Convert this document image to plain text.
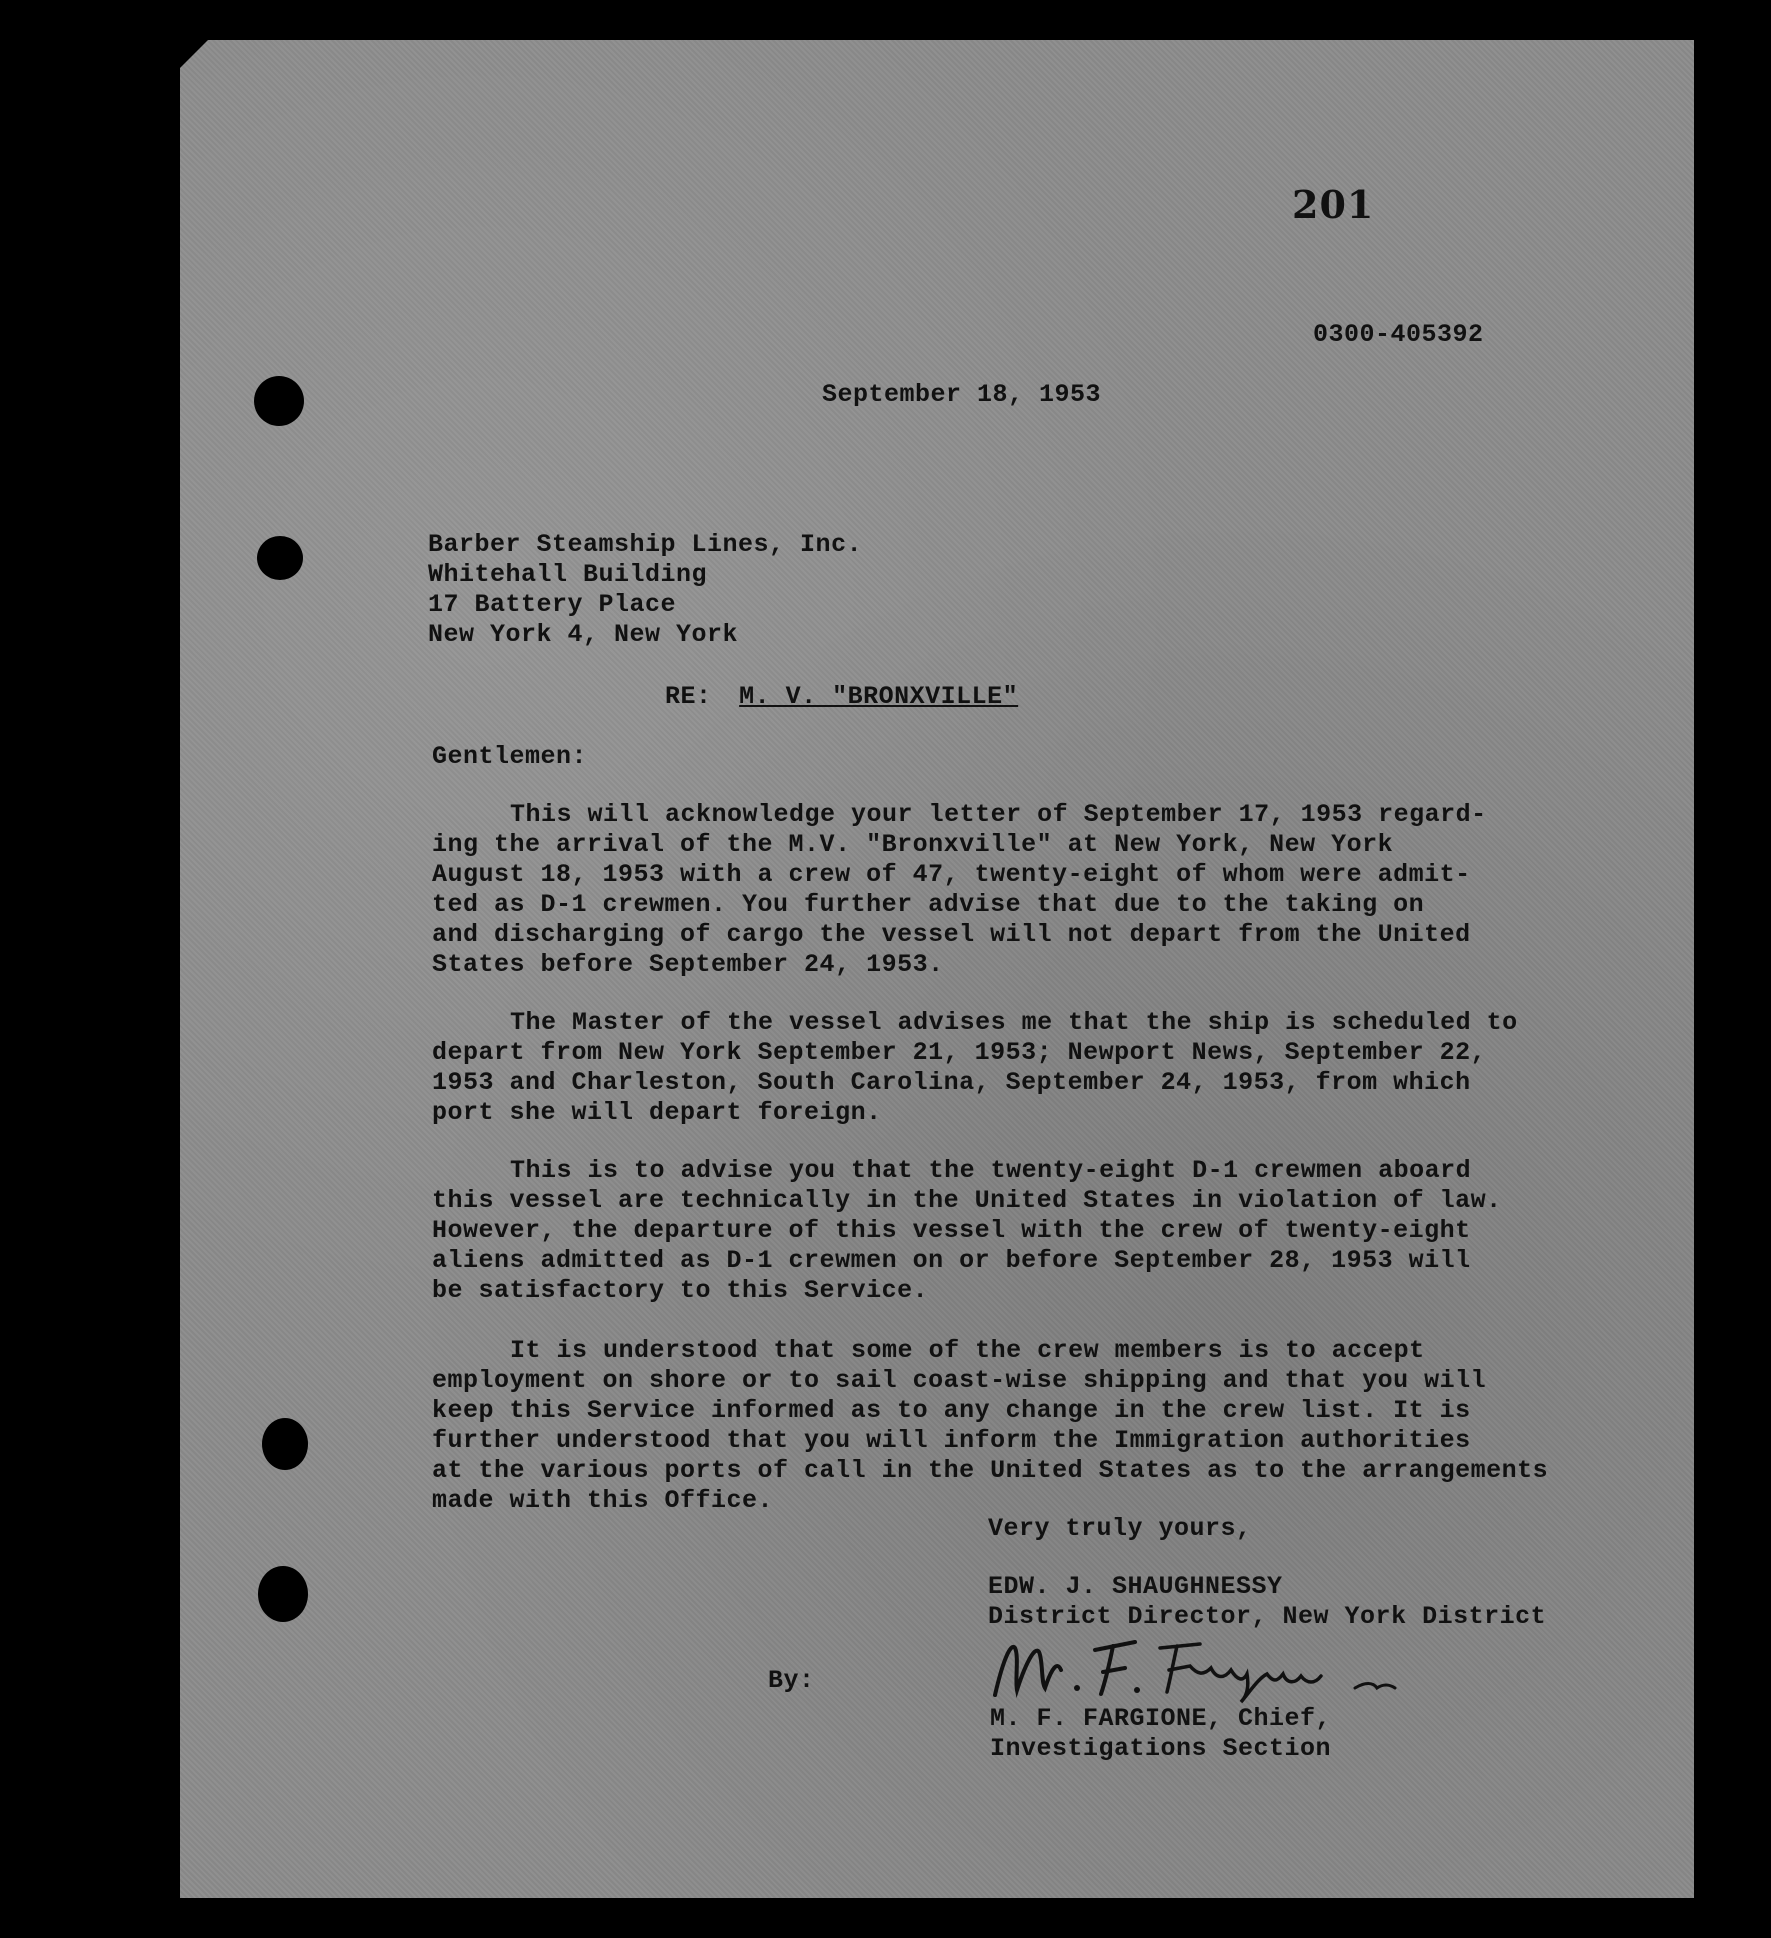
201
0300-405392
September 18, 1953
Barber Steamship Lines, Inc.
Whitehall Building
17 Battery Place
New York 4, New York
RE: M. V. "BRONXVILLE"
Gentlemen:
This will acknowledge your letter of September 17, 1953 regard-
ing the arrival of the M.V. "Bronxville" at New York, New York
August 18, 1953 with a crew of 47, twenty-eight of whom were admit-
ted as D-1 crewmen. You further advise that due to the taking on
and discharging of cargo the vessel will not depart from the United
States before September 24, 1953.
The Master of the vessel advises me that the ship is scheduled to
depart from New York September 21, 1953; Newport News, September 22,
1953 and Charleston, South Carolina, September 24, 1953, from which
port she will depart foreign.
This is to advise you that the twenty-eight D-1 crewmen aboard
this vessel are technically in the United States in violation of law.
However, the departure of this vessel with the crew of twenty-eight
aliens admitted as D-1 crewmen on or before September 28, 1953 will
be satisfactory to this Service.
It is understood that some of the crew members is to accept
employment on shore or to sail coast-wise shipping and that you will
keep this Service informed as to any change in the crew list. It is
further understood that you will inform the Immigration authorities
at the various ports of call in the United States as to the arrangements
made with this Office.
Very truly yours,
EDW. J. SHAUGHNESSY
District Director, New York District
By:
M. F. FARGIONE, Chief,
Investigations Section
